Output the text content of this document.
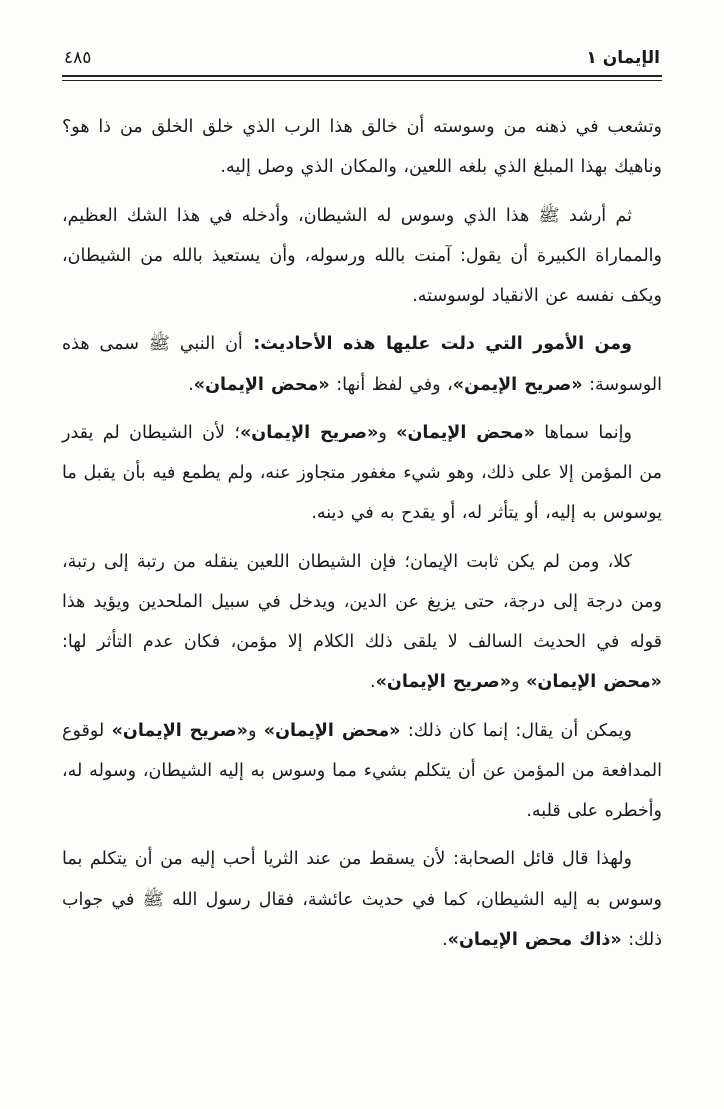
الإيمان ١
٤٨٥

وتشعب في ذهنه من وسوسته أن خالق هذا الرب الذي خلق الخلق من ذا هو؟ وناهيك بهذا المبلغ الذي بلغه اللعين، والمكان الذي وصل إليه.

ثم أرشد ﷺ هذا الذي وسوس له الشيطان، وأدخله في هذا الشك العظيم، والمماراة الكبيرة أن يقول: آمنت بالله ورسوله، وأن يستعيذ بالله من الشيطان، ويكف نفسه عن الانقياد لوسوسته.

ومن الأمور التي دلت عليها هذه الأحاديث: أن النبي ﷺ سمى هذه الوسوسة: «صريح الإيمن»، وفي لفظ أنها: «محض الإيمان».

وإنما سماها «محض الإيمان» و«صريح الإيمان»؛ لأن الشيطان لم يقدر من المؤمن إلا على ذلك، وهو شيء مغفور متجاوز عنه، ولم يطمع فيه بأن يقبل ما يوسوس به إليه، أو يتأثر له، أو يقدح به في دينه.

كلا، ومن لم يكن ثابت الإيمان؛ فإن الشيطان اللعين ينقله من رتبة إلى رتبة، ومن درجة إلى درجة، حتى يزيغ عن الدين، ويدخل في سبيل الملحدين ويؤيد هذا قوله في الحديث السالف لا يلقى ذلك الكلام إلا مؤمن، فكان عدم التأثر لها: «محض الإيمان» و«صريح الإيمان».

ويمكن أن يقال: إنما كان ذلك: «محض الإيمان» و«صريح الإيمان» لوقوع المدافعة من المؤمن عن أن يتكلم بشيء مما وسوس به إليه الشيطان، وسوله له، وأخطره على قلبه.

ولهذا قال قائل الصحابة: لأن يسقط من عند الثريا أحب إليه من أن يتكلم بما وسوس به إليه الشيطان، كما في حديث عائشة، فقال رسول الله ﷺ في جواب ذلك: «ذاك محض الإيمان».
